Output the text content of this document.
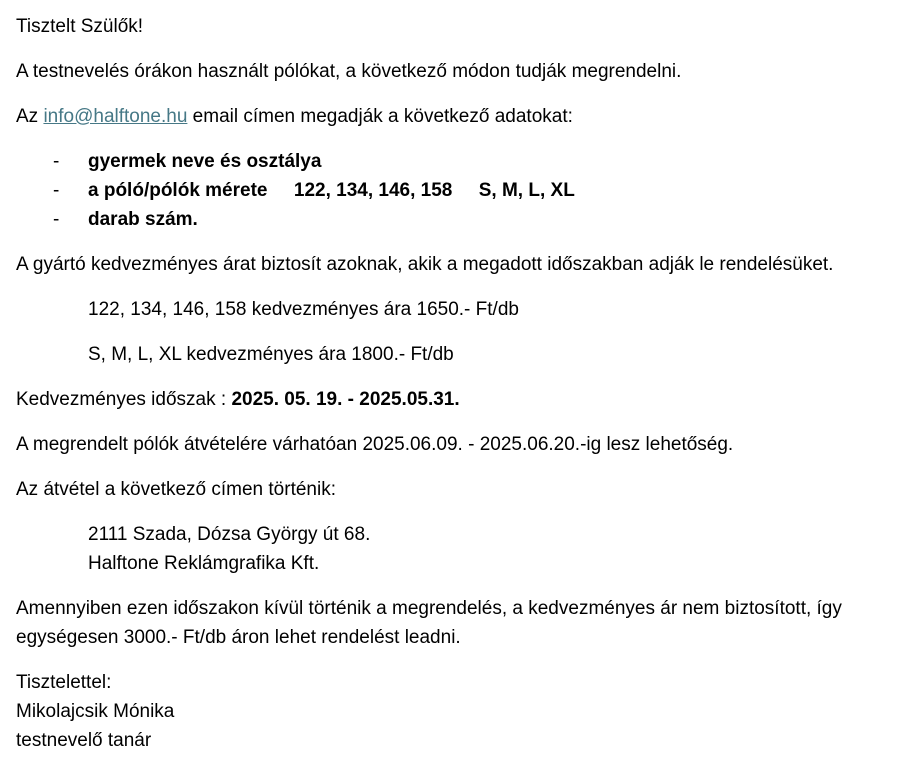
Tisztelt Szülők!

A testnevelés órákon használt pólókat, a következő módon tudják megrendelni.

Az info@halftone.hu email címen megadják a következő adatokat:

- gyermek neve és osztálya
- a póló/pólók mérete     122, 134, 146, 158     S, M, L, XL
- darab szám.

A gyártó kedvezményes árat biztosít azoknak, akik a megadott időszakban adják le rendelésüket.

122, 134, 146, 158 kedvezményes ára 1650.- Ft/db

S, M, L, XL kedvezményes ára 1800.- Ft/db

Kedvezményes időszak : 2025. 05. 19. - 2025.05.31.

A megrendelt pólók átvételére várhatóan 2025.06.09. - 2025.06.20.-ig lesz lehetőség.

Az átvétel a következő címen történik:

2111 Szada, Dózsa György út 68.

Halftone Reklámgrafika Kft.

Amennyiben ezen időszakon kívül történik a megrendelés, a kedvezményes ár nem biztosított, így egységesen 3000.- Ft/db áron lehet rendelést leadni.

Tisztelettel:

Mikolajcsik Mónika

testnevelő tanár
